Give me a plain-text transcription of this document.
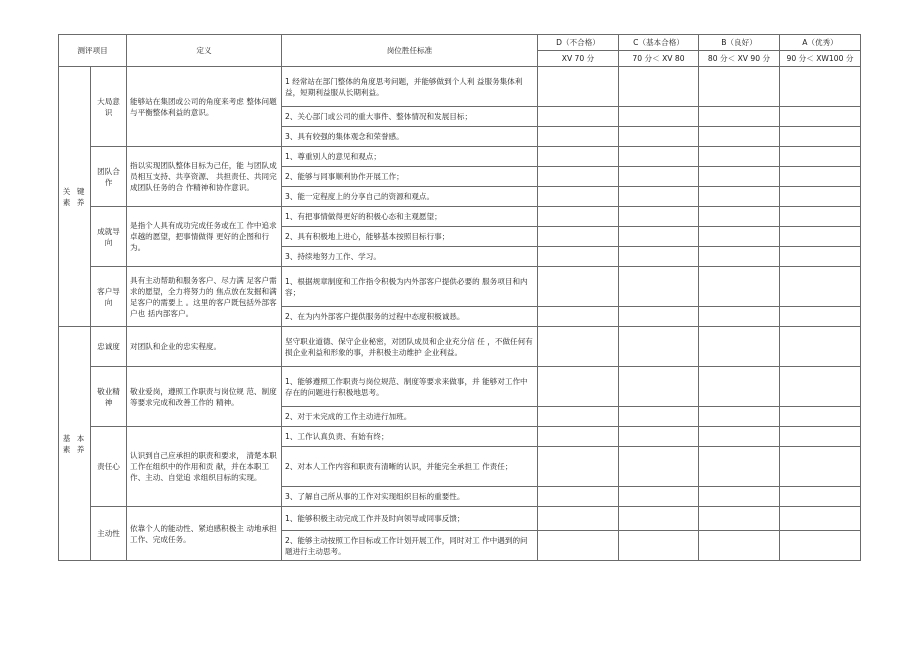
测评项目		定义	岗位胜任标准	D（不合格）	C（基本合格）	B（良好）	A（优秀）
				XV 70 分	70 分＜ XV 80	80 分＜ XV 90 分	90 分＜ XW100 分
关 键 素 养	大局意识	能够站在集团或公司的角度来考虑 整体问题与平衡整体利益的意识。	1 经常站在部门整体的角度思考问题，并能够做到个人利 益服务集体利益，短期利益服从长期利益。				
			2、关心部门或公司的重大事件、整体情况和发展目标；				
			3、具有较强的集体观念和荣誉感。				
	团队合作	指以实现团队整体目标为己任，能 与团队成员相互支持、共享资源、 共担责任、共同完成团队任务的合 作精神和协作意识。	1、尊重别人的意见和观点；				
			2、能够与同事顺利协作开展工作；				
			3、能一定程度上的分享自己的资源和观点。				
	成就导向	是指个人具有成功完成任务或在工 作中追求卓越的愿望，把事情做得 更好的企图和行为。	1、有把事情做得更好的积极心态和主观愿望；				
			2、具有积极地上进心，能够基本按照目标行事；				
			3、持续地努力工作、学习。				
	客户导向	具有主动帮助和服务客户、尽力满 足客户需求的愿望，全力将努力的 焦点放在发掘和满足客户的需要上 。这里的客户既包括外部客户也 括内部客户。	1、根据规章制度和工作指令积极为内外部客户提供必要的 服务项目和内容；				
			2、在为内外部客户提供服务的过程中态度积极诚恳。				
基 本 素 养	忠诚度	对团队和企业的忠实程度。	坚守职业道德、保守企业秘密，对团队成员和企业充分信 任 ，不做任何有损企业利益和形象的事，并积极主动维护 企业利益。				
	敬业精神	敬业爱岗，遵照工作职责与岗位规 范、制度等要求完成和改善工作的 精神。	1、能够遵照工作职责与岗位规范、制度等要求来做事，并 能够对工作中存在的问题进行积极地思考。				
			2、对于未完成的工作主动进行加班。				
	责任心	认识到自己应承担的职责和要求， 清楚本职工作在组织中的作用和贡 献，并在本职工作、主动、自觉追 求组织目标的实现。	1、工作认真负责、有始有终；				
			2、对本人工作内容和职责有清晰的认识，并能完全承担工 作责任；				
			3、了解自己所从事的工作对实现组织目标的重要性。				
	主动性	依靠个人的能动性、紧迫感积极主 动地承担工作、完成任务。	1、能够积极主动完成工作并及时向领导或同事反馈；				
			2、能够主动按照工作目标或工作计划开展工作，同时对工 作中遇到的问题进行主动思考。				
